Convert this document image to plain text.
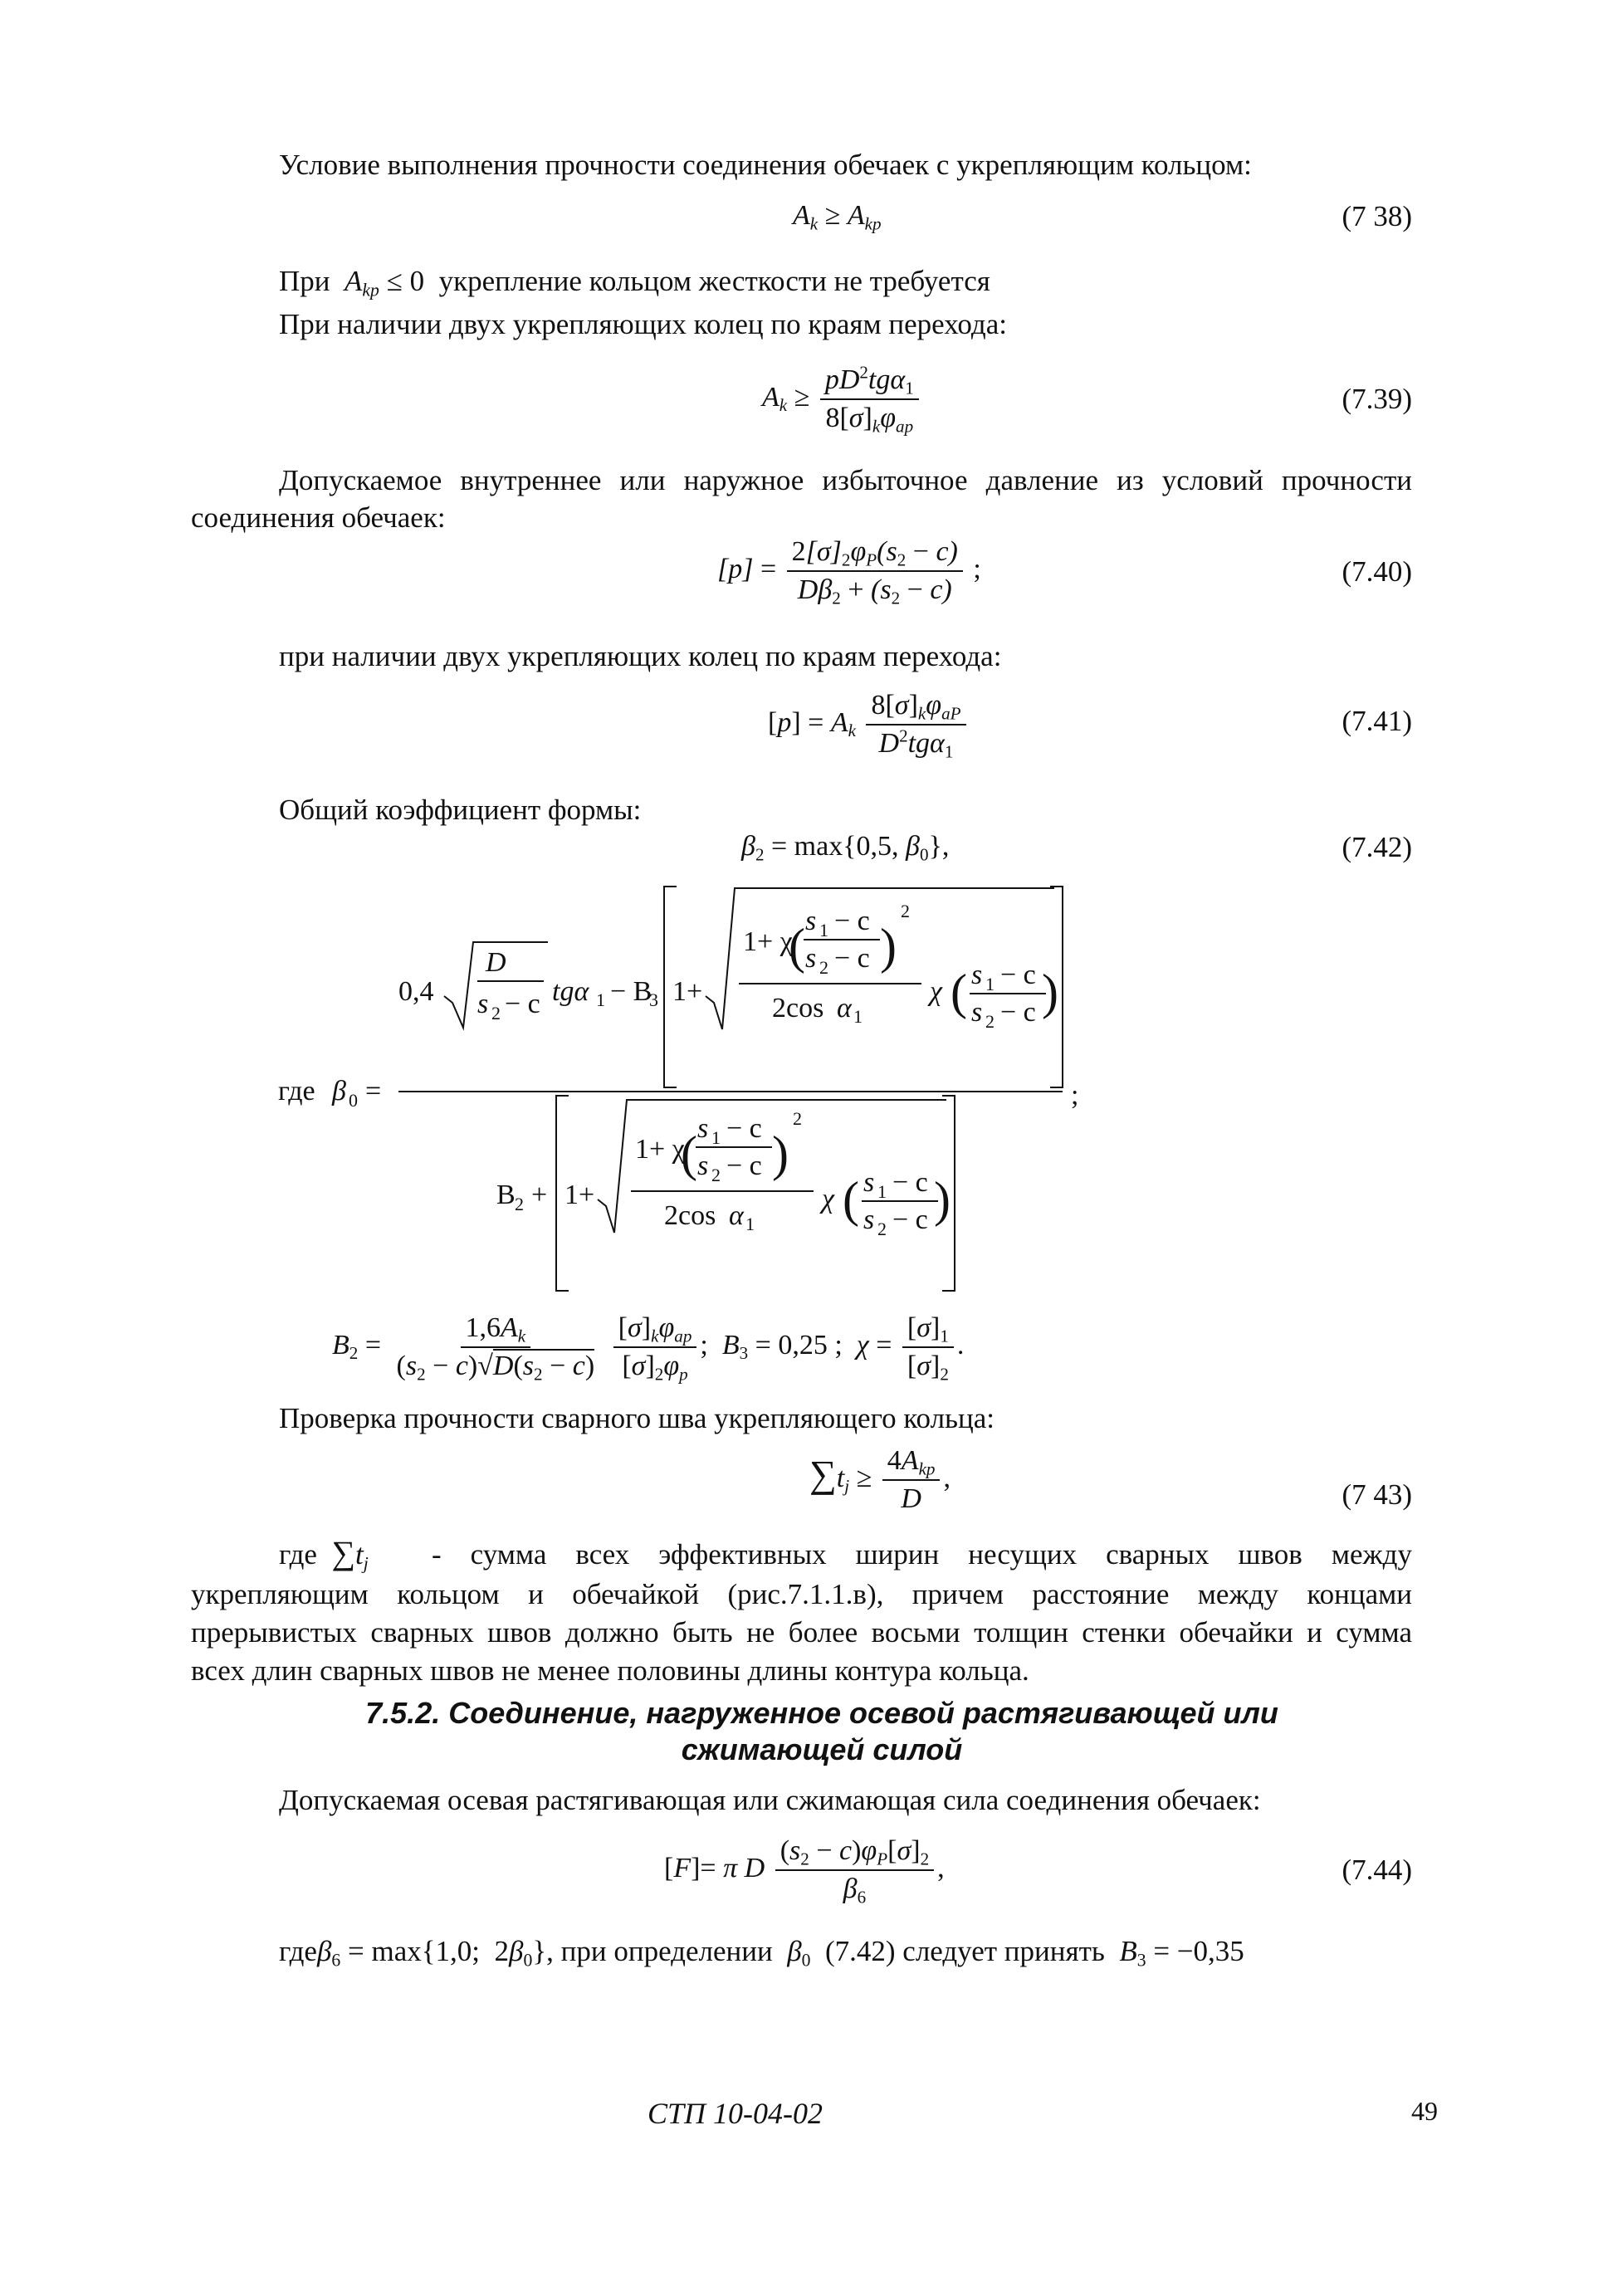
Условие выполнения прочности соединения обечаек с укрепляющим кольцом:

$A_k \ge A_{kp}$	(7 38)

При $A_{kp} \le 0$  укрепление кольцом жесткости не требуется

При наличии двух укрепляющих колец по краям перехода:

$A_k \ge \frac{pD^2tg\alpha_1}{8[\sigma]_k\varphi_{ap}}$	(7.39)

Допускаемое внутреннее или наружное избыточное давление из условий прочности

соединения обечаек:

$[p] = \frac{2[\sigma]_2\varphi_P(s_2 - c)}{D\beta_2 + (s_2 - c)}$ ;	(7.40)

при наличии двух укрепляющих колец по краям перехода:

$[p] = A_k \frac{8[\sigma]_k\varphi_{aP}}{D^2tg\alpha_1}$	(7.41)

Общий коэффициент формы:

$\beta_2 = \max\{0,5$, $\beta_0$},	(7.42)
0,4
D
s 2 − c tgα 1 − B
3 1+
1+ χ
s 1 − c
s 2 − c
( )
2
2cos α 1
χ ( s 1 − c
s 2 − c )
где β 0 =	;
B 2 + 1+
1+ χ
s 1 − c
s 2 − c
( )
2
2cos α 1
χ ( s 1 − c
s 2 − c )
$B_2 = \frac{1,6A_k}{(s_2 - c)√D(s_2 - c)}$
$\frac{[\sigma]_k\varphi_{ap}}{[\sigma]_2\varphi_p}$ ;  $B_3 = 0,25$ ;  $\chi = \frac{[\sigma]_1}{[\sigma]_2}$ .

Проверка прочности сварного шва укрепляющего кольца:

$\sum t_j \ge \frac{4A_{kp}}{D}$ ,
(7 43)

где $\sum t_j$ - сумма всех эффективных ширин несущих сварных швов между

укрепляющим кольцом и обечайкой (рис.7.1.1.в), причем расстояние между концами

прерывистых сварных швов должно быть не более восьми толщин стенки обечайки и сумма

всех длин сварных швов не менее половины длины контура кольца.

7.5.2. Соединение, нагруженное осевой растягивающей или
сжимающей силой

Допускаемая осевая растягивающая или сжимающая сила соединения обечаек:

[F]= π D $\frac{(s_2 - c)\varphi_P[\sigma]_2}{\beta_6}$ ,	(7.44)

гдеβ$_6$ = max{1,0;  $2\beta_0$}, при определении $\beta_0$ (7.42) следует принять $B_3 = -0,35$

СТП 10-04-02	49
